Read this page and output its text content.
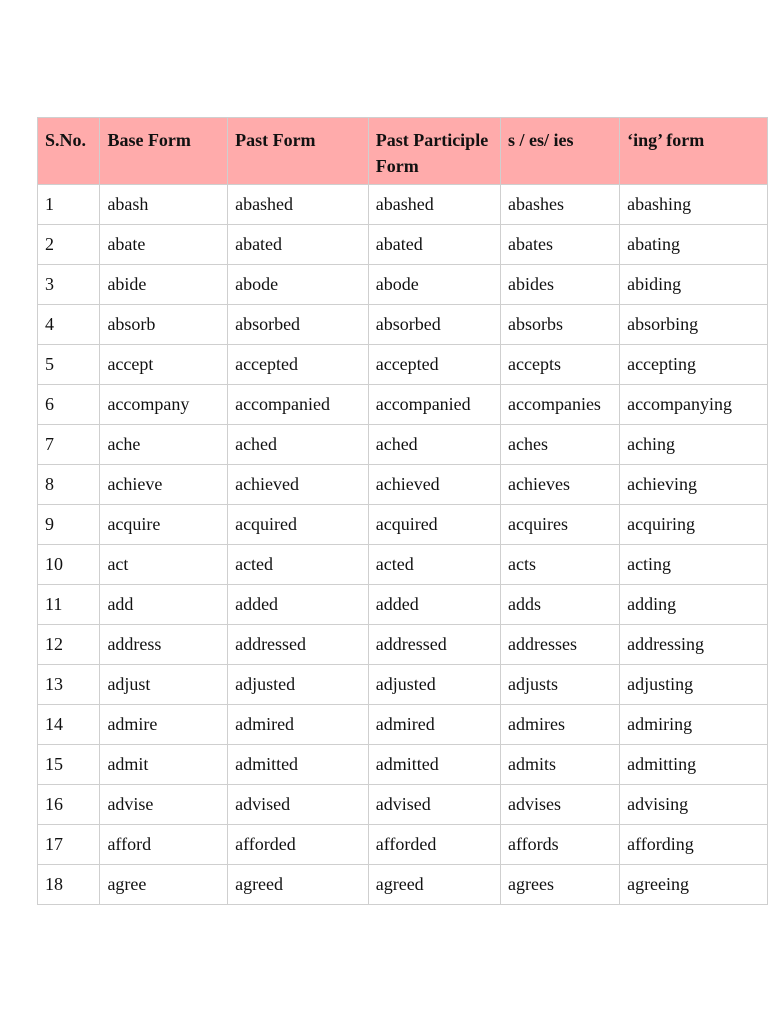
S.No.	Base Form	Past Form	Past Participle Form	s / es/ ies	‘ing’ form
1	abash	abashed	abashed	abashes	abashing
2	abate	abated	abated	abates	abating
3	abide	abode	abode	abides	abiding
4	absorb	absorbed	absorbed	absorbs	absorbing
5	accept	accepted	accepted	accepts	accepting
6	accompany	accompanied	accompanied	accompanies	accompanying
7	ache	ached	ached	aches	aching
8	achieve	achieved	achieved	achieves	achieving
9	acquire	acquired	acquired	acquires	acquiring
10	act	acted	acted	acts	acting
11	add	added	added	adds	adding
12	address	addressed	addressed	addresses	addressing
13	adjust	adjusted	adjusted	adjusts	adjusting
14	admire	admired	admired	admires	admiring
15	admit	admitted	admitted	admits	admitting
16	advise	advised	advised	advises	advising
17	afford	afforded	afforded	affords	affording
18	agree	agreed	agreed	agrees	agreeing
